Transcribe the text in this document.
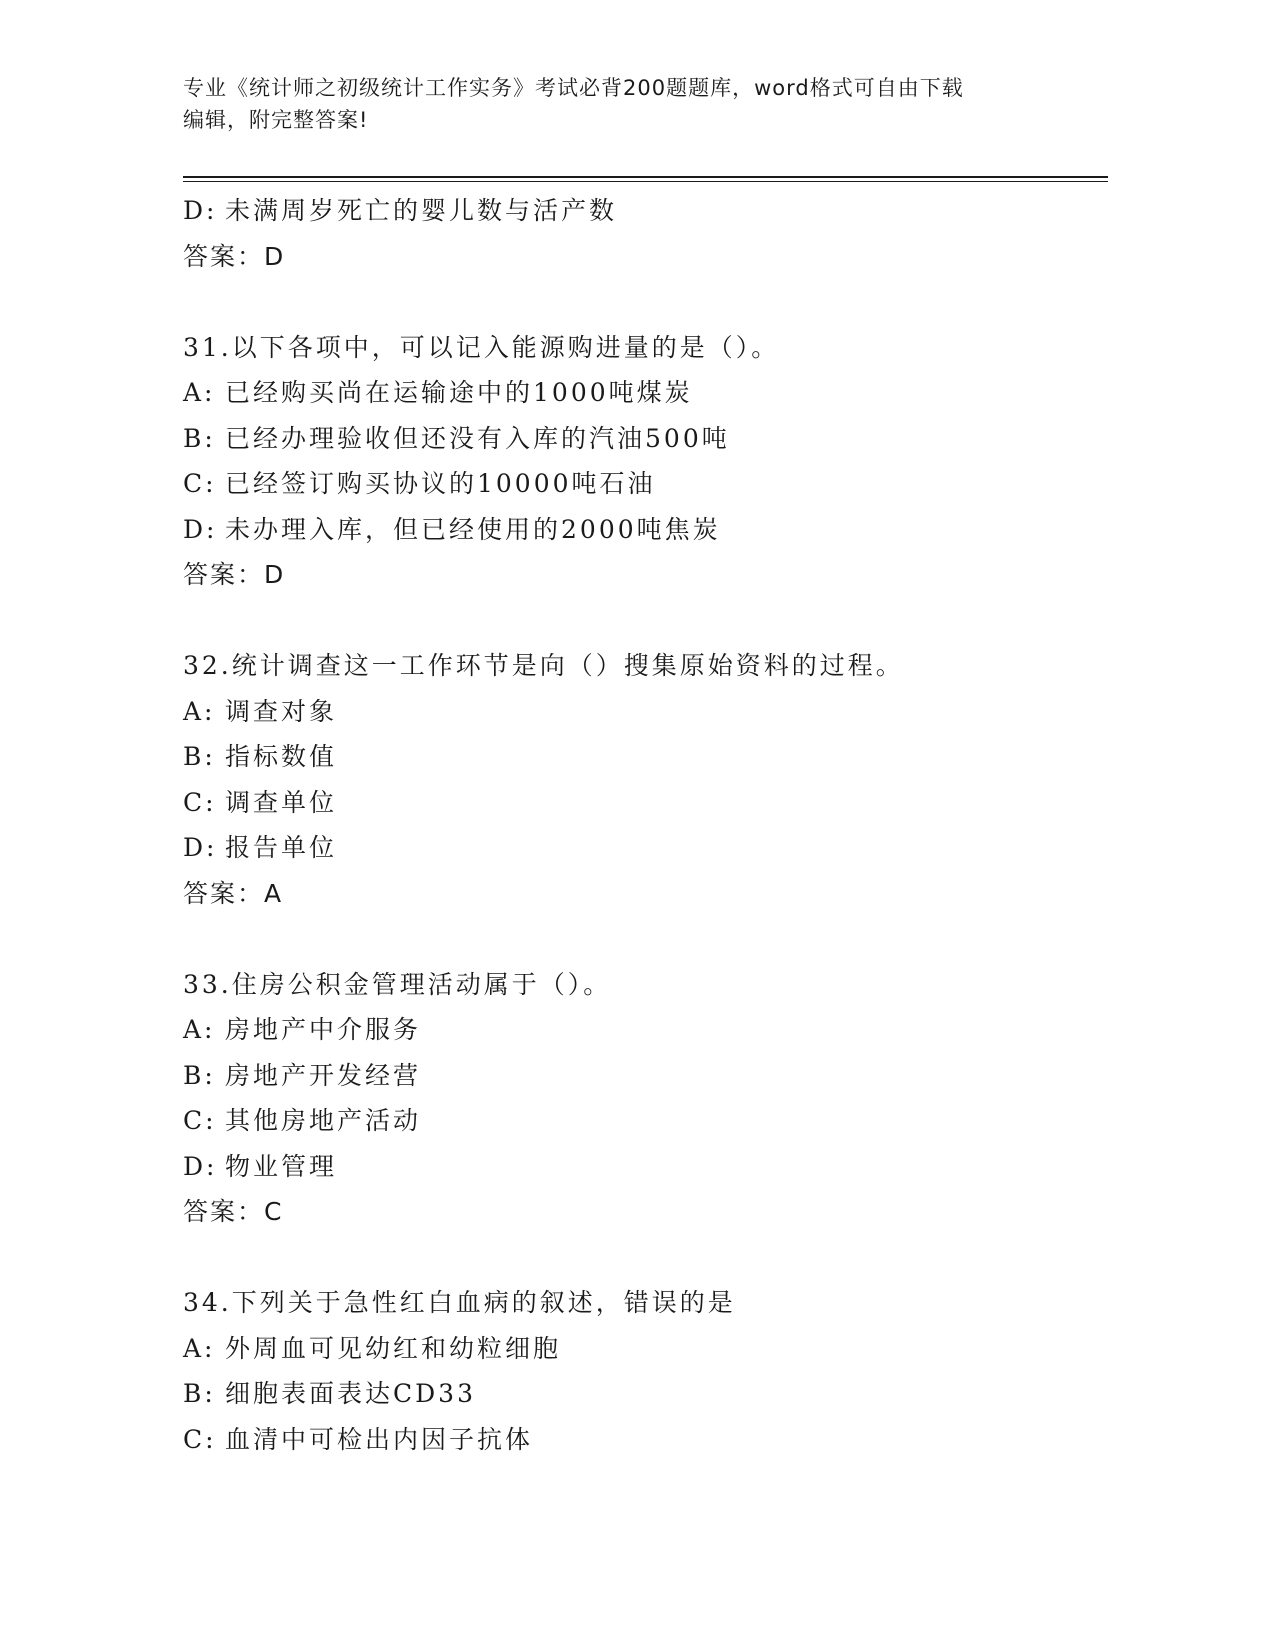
专业《统计师之初级统计工作实务》考试必背200题题库，word格式可自由下载
编辑，附完整答案!
D: 未满周岁死亡的婴儿数与活产数
答案：D
31.以下各项中，可以记入能源购进量的是（）。
A: 已经购买尚在运输途中的1000吨煤炭
B: 已经办理验收但还没有入库的汽油500吨
C: 已经签订购买协议的10000吨石油
D: 未办理入库，但已经使用的2000吨焦炭
答案：D
32.统计调查这一工作环节是向（）搜集原始资料的过程。
A: 调查对象
B: 指标数值
C: 调查单位
D: 报告单位
答案：A
33.住房公积金管理活动属于（）。
A: 房地产中介服务
B: 房地产开发经营
C: 其他房地产活动
D: 物业管理
答案：C
34.下列关于急性红白血病的叙述，错误的是
A: 外周血可见幼红和幼粒细胞
B: 细胞表面表达CD33
C: 血清中可检出内因子抗体
